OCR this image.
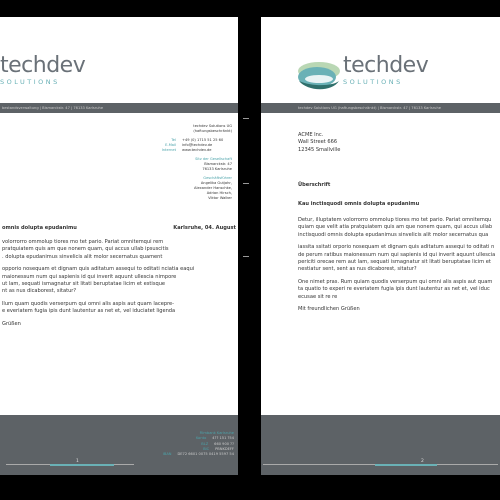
techdev
SOLUTIONS
bestandsverwaltung | Bismarckstr. 47 | 76133 Karlsruhe
techdev Solutions UG
(haftungsbeschränkt)
Tel	+49 (0) 1715 51 25 60
E-Mail	info@techdev.de
Internet	www.techdev.de
Sitz der Gesellschaft
Bismarckstr. 47
76133 Karlsruhe
Geschäftsführer
Angelika Gutjahr,
Alexander Hanschke,
Adrian Hirsch,
Viktor Walker
omnis dolupta epudanimu	Karlsruhe, 04. August
volorrorro ommolup tiores mo tet pario. Pariat omnitemqui rem
pratquiatem quis am que nonem quam, qui accus ullab ipsuscitis
. dolupta epudanimus sinvelicis alit molor secernatus quament
opporio nosequam et dignam quis aditatum assequi to oditati nciatia eaqui
maionessum num qui sapienis id qui inverit aquunt ullescia nimpore
ut lam, sequati ismagnatur sit litati beruptatae licim et estisque
nt as nus dicaborest, sitatur?
llum quam quodis verserpum qui omni alis aspis aut quam lacepre-
e everiatem fugia ipis dunt lautentur as net et, vel iduciatet ligenda
Grüßen
Filmbank Karlsruhe
Konto	4?? 151 ?54
BLZ	660 900 ??
BIC	PBNKDEFF
IBAN	DE72 6601 0075 0419 5597 54
1
techdev
SOLUTIONS
techdev Solutions UG (haftungsbeschränkt) | Bismarckstr. 47 | 76133 Karlsruhe
ACME Inc.
Wall Street 666
12345 Smallville
Überschrift
Kau inctisquodi omnis dolupta epudanimu
Detur, illuptatem volorrorro ommolup tiores mo tet pario. Pariat omnitemqu
quiam que velit atia pratquiatem quis am que nonem quam, qui accus ullab
inctisquodi omnis dolupta epudanimus sinvelicis alit molor secernatus qua
iassita ssitati orporio nosequam et dignam quis aditatum assequi to oditati n
de perum ratibus maionessum num qui sapienis id qui inverit aquunt ullescia
periciti orecae rem aut lam, sequati ismagnatur sit litati beruptatae licim et
nestiatur sent, sent as nus dicaborest, sitatur?
One nimet pras. Rum quiam quodis verserpum qui omni alis aspis aut quam
ta quatio to experi re everiatem fugia ipis dunt lautentur as net et, vel iduc
ecusae sit re re
Mit freundlichen Grüßen
2
